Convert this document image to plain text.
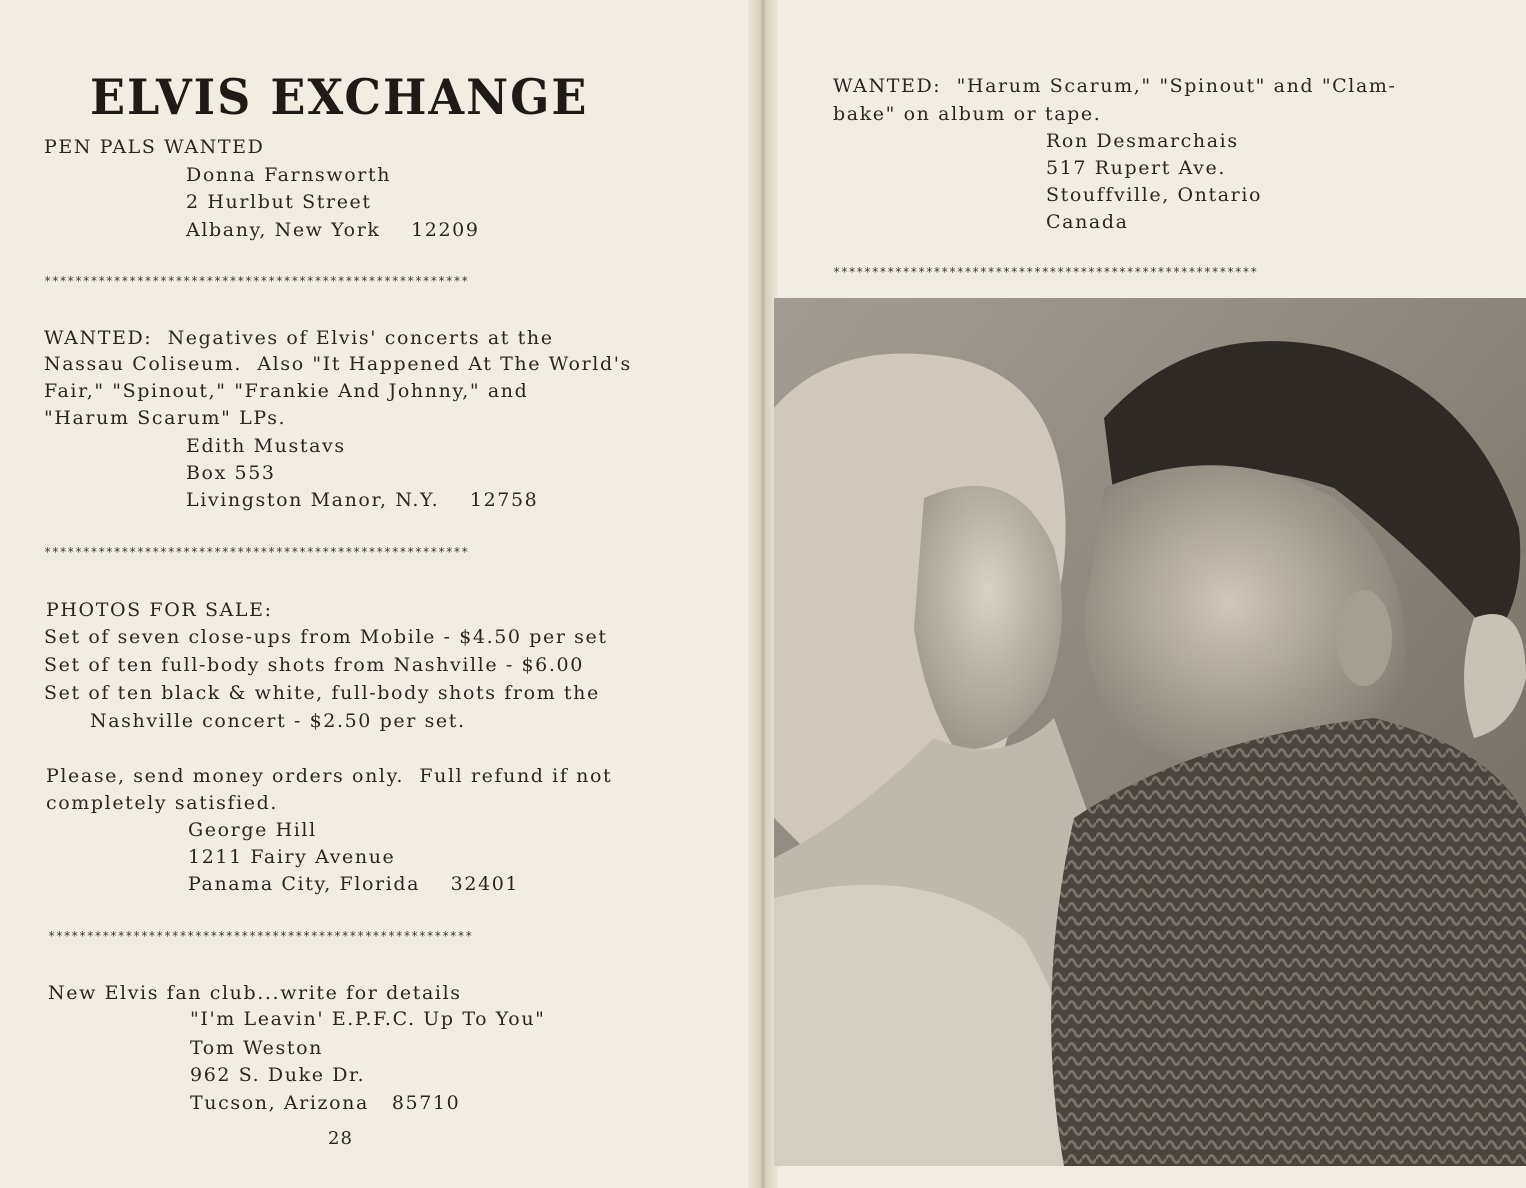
ELVIS EXCHANGE
PEN PALS WANTED
Donna Farnsworth
2 Hurlbut Street
Albany, New York    12209
*******************************************************
WANTED:  Negatives of Elvis' concerts at the
Nassau Coliseum.  Also "It Happened At The World's
Fair," "Spinout," "Frankie And Johnny," and
"Harum Scarum" LPs.
Edith Mustavs
Box 553
Livingston Manor, N.Y.    12758
*******************************************************
PHOTOS FOR SALE:
Set of seven close-ups from Mobile - $4.50 per set
Set of ten full-body shots from Nashville - $6.00
Set of ten black & white, full-body shots from the
Nashville concert - $2.50 per set.
Please, send money orders only.  Full refund if not
completely satisfied.
George Hill
1211 Fairy Avenue
Panama City, Florida    32401
*******************************************************
New Elvis fan club...write for details
"I'm Leavin' E.P.F.C. Up To You"
Tom Weston
962 S. Duke Dr.
Tucson, Arizona   85710
28
WANTED:  "Harum Scarum," "Spinout" and "Clam-
bake" on album or tape.
Ron Desmarchais
517 Rupert Ave.
Stouffville, Ontario
Canada
*******************************************************
